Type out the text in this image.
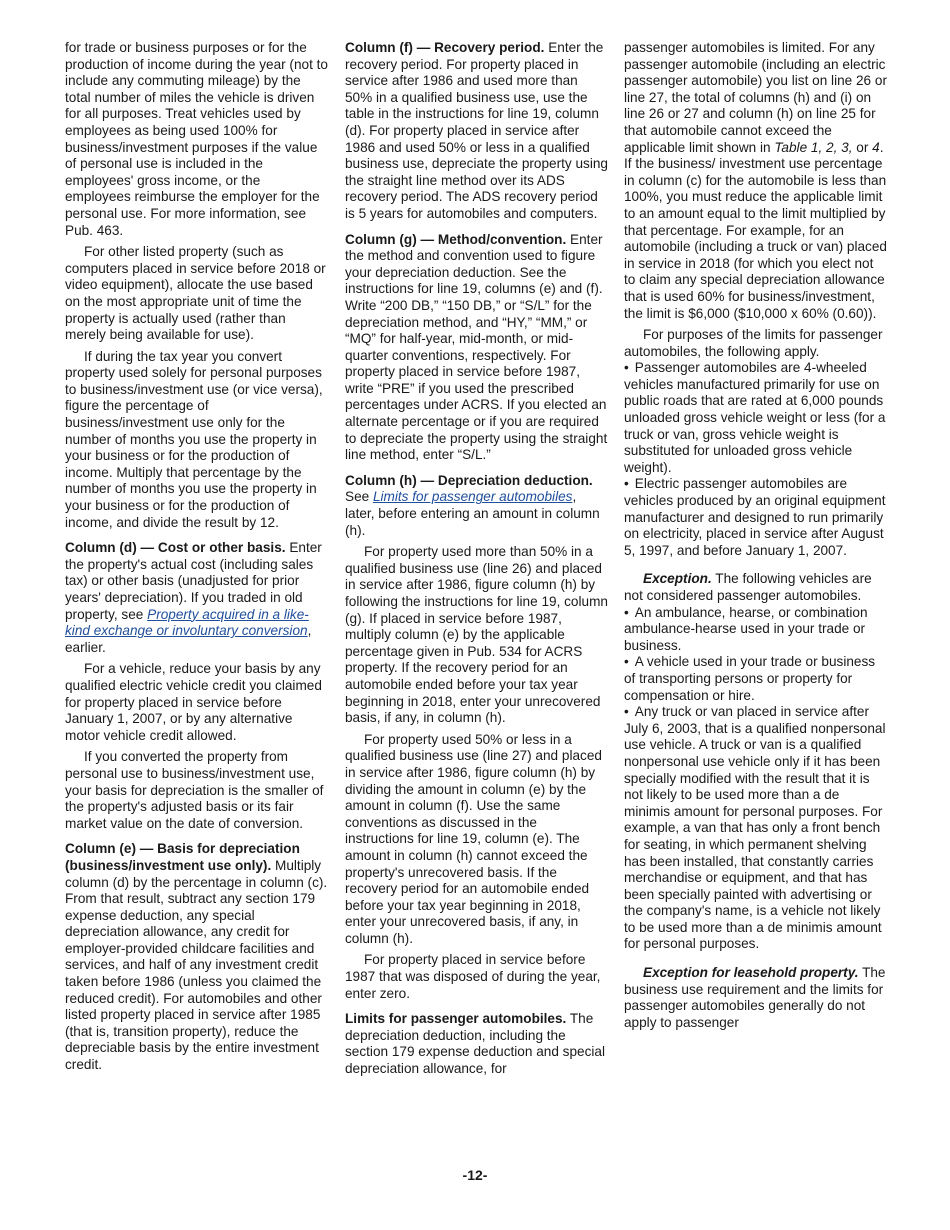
for trade or business purposes or for the production of income during the year (not to include any commuting mileage) by the total number of miles the vehicle is driven for all purposes. Treat vehicles used by employees as being used 100% for business/investment purposes if the value of personal use is included in the employees' gross income, or the employees reimburse the employer for the personal use. For more information, see Pub. 463.

For other listed property (such as computers placed in service before 2018 or video equipment), allocate the use based on the most appropriate unit of time the property is actually used (rather than merely being available for use).

If during the tax year you convert property used solely for personal purposes to business/investment use (or vice versa), figure the percentage of business/investment use only for the number of months you use the property in your business or for the production of income. Multiply that percentage by the number of months you use the property in your business or for the production of income, and divide the result by 12.

Column (d) — Cost or other basis. Enter the property's actual cost (including sales tax) or other basis (unadjusted for prior years' depreciation). If you traded in old property, see Property acquired in a like-kind exchange or involuntary conversion, earlier.

For a vehicle, reduce your basis by any qualified electric vehicle credit you claimed for property placed in service before January 1, 2007, or by any alternative motor vehicle credit allowed.

If you converted the property from personal use to business/investment use, your basis for depreciation is the smaller of the property's adjusted basis or its fair market value on the date of conversion.

Column (e) — Basis for depreciation (business/investment use only). Multiply column (d) by the percentage in column (c). From that result, subtract any section 179 expense deduction, any special depreciation allowance, any credit for employer-provided childcare facilities and services, and half of any investment credit taken before 1986 (unless you claimed the reduced credit). For automobiles and other listed property placed in service after 1985 (that is, transition property), reduce the depreciable basis by the entire investment credit.

Column (f) — Recovery period. Enter the recovery period. For property placed in service after 1986 and used more than 50% in a qualified business use, use the table in the instructions for line 19, column (d). For property placed in service after 1986 and used 50% or less in a qualified business use, depreciate the property using the straight line method over its ADS recovery period. The ADS recovery period is 5 years for automobiles and computers.

Column (g) — Method/convention. Enter the method and convention used to figure your depreciation deduction. See the instructions for line 19, columns (e) and (f). Write “200 DB,” “150 DB,” or “S/L” for the depreciation method, and “HY,” “MM,” or “MQ” for half-year, mid-month, or mid-quarter conventions, respectively. For property placed in service before 1987, write “PRE” if you used the prescribed percentages under ACRS. If you elected an alternate percentage or if you are required to depreciate the property using the straight line method, enter “S/L.”

Column (h) — Depreciation deduction. See Limits for passenger automobiles, later, before entering an amount in column (h).

For property used more than 50% in a qualified business use (line 26) and placed in service after 1986, figure column (h) by following the instructions for line 19, column (g). If placed in service before 1987, multiply column (e) by the applicable percentage given in Pub. 534 for ACRS property. If the recovery period for an automobile ended before your tax year beginning in 2018, enter your unrecovered basis, if any, in column (h).

For property used 50% or less in a qualified business use (line 27) and placed in service after 1986, figure column (h) by dividing the amount in column (e) by the amount in column (f). Use the same conventions as discussed in the instructions for line 19, column (e). The amount in column (h) cannot exceed the property's unrecovered basis. If the recovery period for an automobile ended before your tax year beginning in 2018, enter your unrecovered basis, if any, in column (h).

For property placed in service before 1987 that was disposed of during the year, enter zero.

Limits for passenger automobiles. The depreciation deduction, including the section 179 expense deduction and special depreciation allowance, for

passenger automobiles is limited. For any passenger automobile (including an electric passenger automobile) you list on line 26 or line 27, the total of columns (h) and (i) on line 26 or 27 and column (h) on line 25 for that automobile cannot exceed the applicable limit shown in Table 1, 2, 3, or 4. If the business/ investment use percentage in column (c) for the automobile is less than 100%, you must reduce the applicable limit to an amount equal to the limit multiplied by that percentage. For example, for an automobile (including a truck or van) placed in service in 2018 (for which you elect not to claim any special depreciation allowance that is used 60% for business/investment, the limit is $6,000 ($10,000 x 60% (0.60)).

For purposes of the limits for passenger automobiles, the following apply.

• Passenger automobiles are 4-wheeled vehicles manufactured primarily for use on public roads that are rated at 6,000 pounds unloaded gross vehicle weight or less (for a truck or van, gross vehicle weight is substituted for unloaded gross vehicle weight).

• Electric passenger automobiles are vehicles produced by an original equipment manufacturer and designed to run primarily on electricity, placed in service after August 5, 1997, and before January 1, 2007.

Exception. The following vehicles are not considered passenger automobiles.

• An ambulance, hearse, or combination ambulance-hearse used in your trade or business.

• A vehicle used in your trade or business of transporting persons or property for compensation or hire.

• Any truck or van placed in service after July 6, 2003, that is a qualified nonpersonal use vehicle. A truck or van is a qualified nonpersonal use vehicle only if it has been specially modified with the result that it is not likely to be used more than a de minimis amount for personal purposes. For example, a van that has only a front bench for seating, in which permanent shelving has been installed, that constantly carries merchandise or equipment, and that has been specially painted with advertising or the company's name, is a vehicle not likely to be used more than a de minimis amount for personal purposes.

Exception for leasehold property. The business use requirement and the limits for passenger automobiles generally do not apply to passenger

-12-
